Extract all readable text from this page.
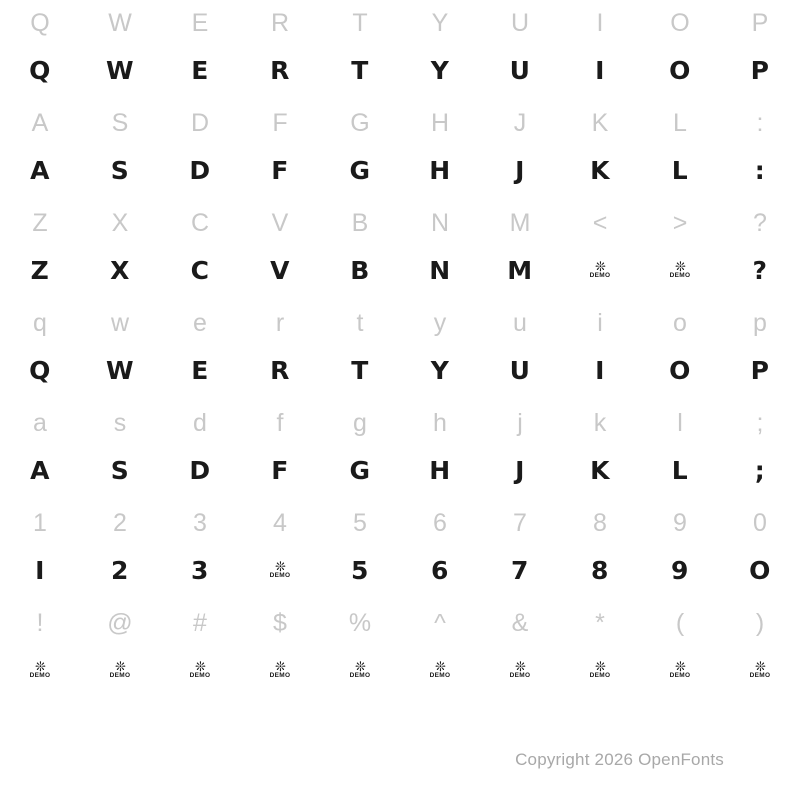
Q
Q
W
W
E
E
R
R
T
T
Y
Y
U
U
I
I
O
O
P
P
A
A
S
S
D
D
F
F
G
G
H
H
J
J
K
K
L
L
:
:
Z
Z
X
X
C
C
V
V
B
B
N
N
M
M
<
❊
DEMO
>
❊
DEMO
?
?
q
Q
w
W
e
E
r
R
t
T
y
Y
u
U
i
I
o
O
p
P
a
A
s
S
d
D
f
F
g
G
h
H
j
J
k
K
l
L
;
;
1
I
2
2
3
3
4
❊
DEMO
5
5
6
6
7
7
8
8
9
9
0
O
!
❊
DEMO
@
❊
DEMO
#
❊
DEMO
$
❊
DEMO
%
❊
DEMO
^
❊
DEMO
&
❊
DEMO
*
❊
DEMO
(
❊
DEMO
)
❊
DEMO
Copyright 2026 OpenFonts
